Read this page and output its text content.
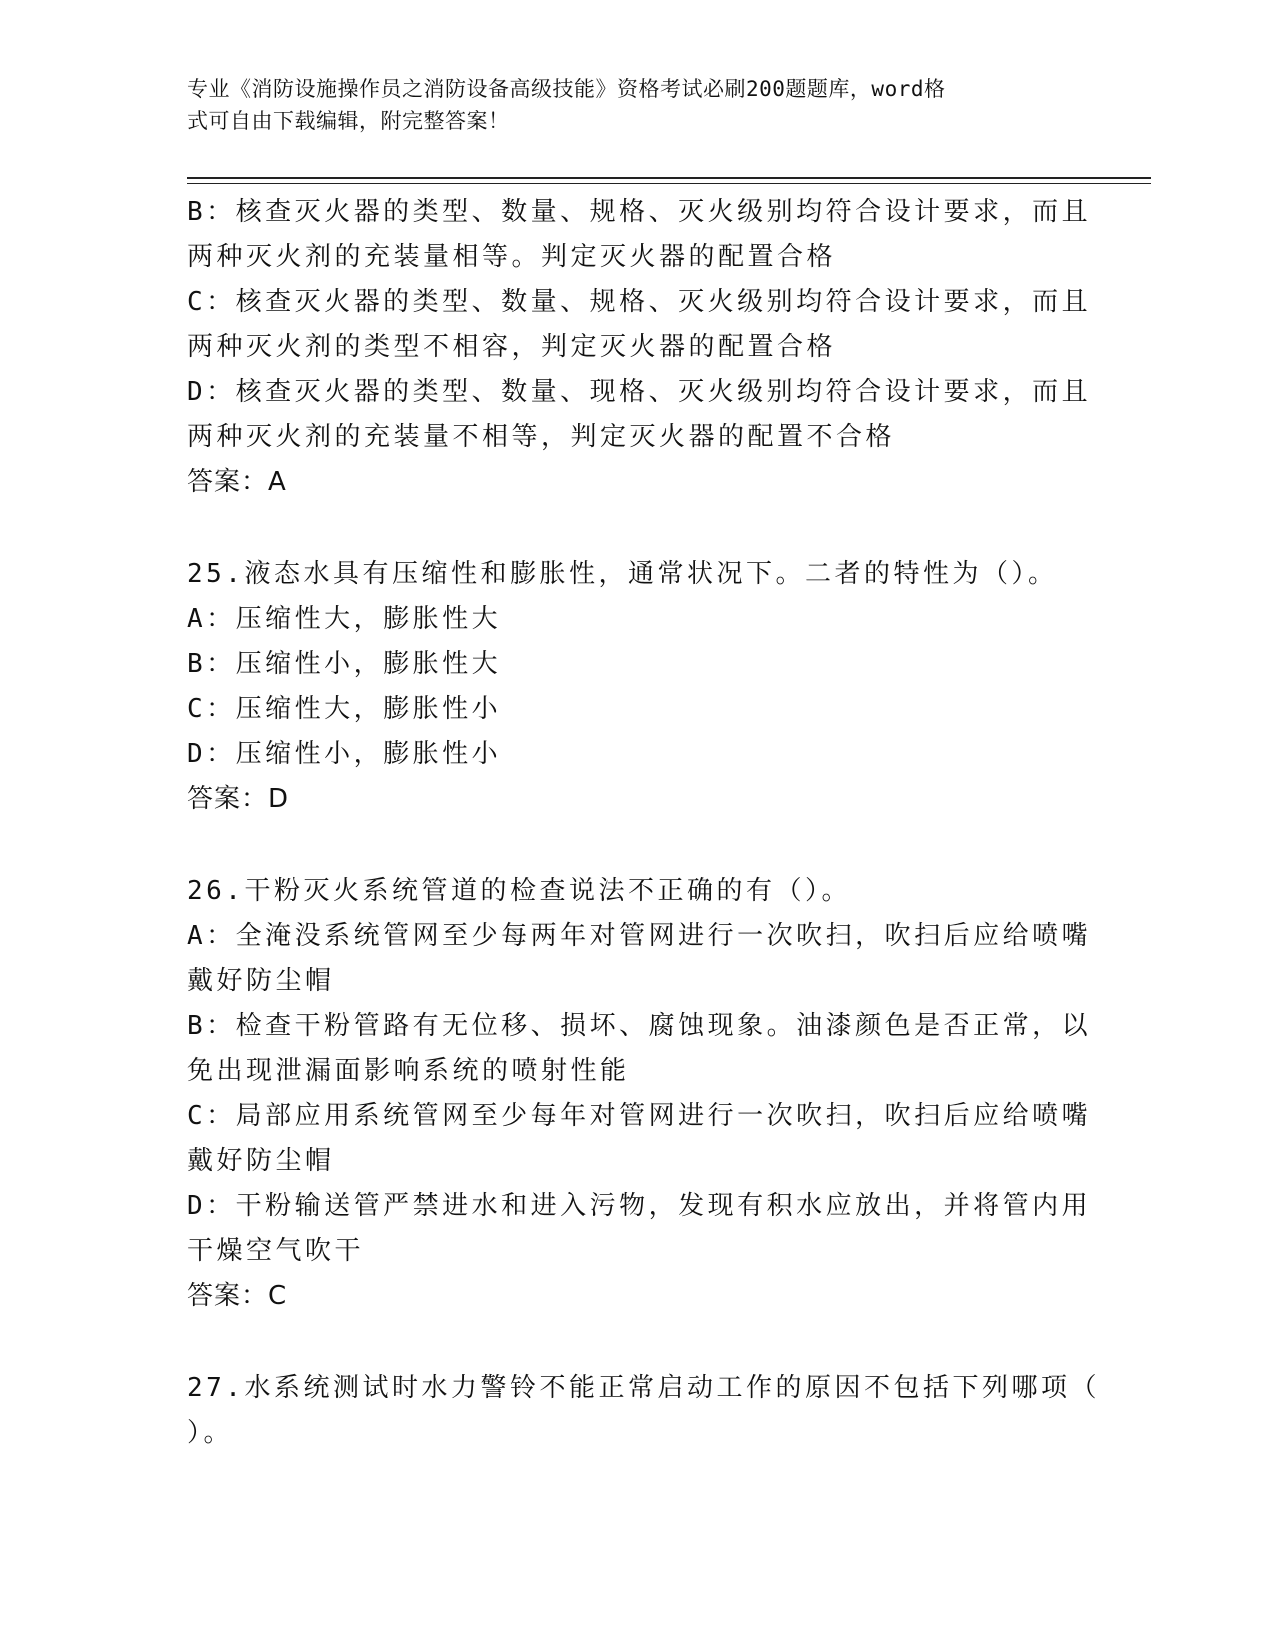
专业《消防设施操作员之消防设备高级技能》资格考试必刷200题题库，word格
式可自由下载编辑，附完整答案！
B：核查灭火器的类型、数量、规格、灭火级别均符合设计要求，而且
两种灭火剂的充装量相等。判定灭火器的配置合格
C：核查灭火器的类型、数量、规格、灭火级别均符合设计要求，而且
两种灭火剂的类型不相容，判定灭火器的配置合格
D：核查灭火器的类型、数量、现格、灭火级别均符合设计要求，而且
两种灭火剂的充装量不相等，判定灭火器的配置不合格
答案：A
25.液态水具有压缩性和膨胀性，通常状况下。二者的特性为（）。
A：压缩性大，膨胀性大
B：压缩性小，膨胀性大
C：压缩性大，膨胀性小
D：压缩性小，膨胀性小
答案：D
26.干粉灭火系统管道的检查说法不正确的有（）。
A：全淹没系统管网至少每两年对管网进行一次吹扫，吹扫后应给喷嘴
戴好防尘帽
B：检查干粉管路有无位移、损坏、腐蚀现象。油漆颜色是否正常，以
免出现泄漏面影响系统的喷射性能
C：局部应用系统管网至少每年对管网进行一次吹扫，吹扫后应给喷嘴
戴好防尘帽
D：干粉输送管严禁进水和进入污物，发现有积水应放出，并将管内用
干燥空气吹干
答案：C
27.水系统测试时水力警铃不能正常启动工作的原因不包括下列哪项（
）。
